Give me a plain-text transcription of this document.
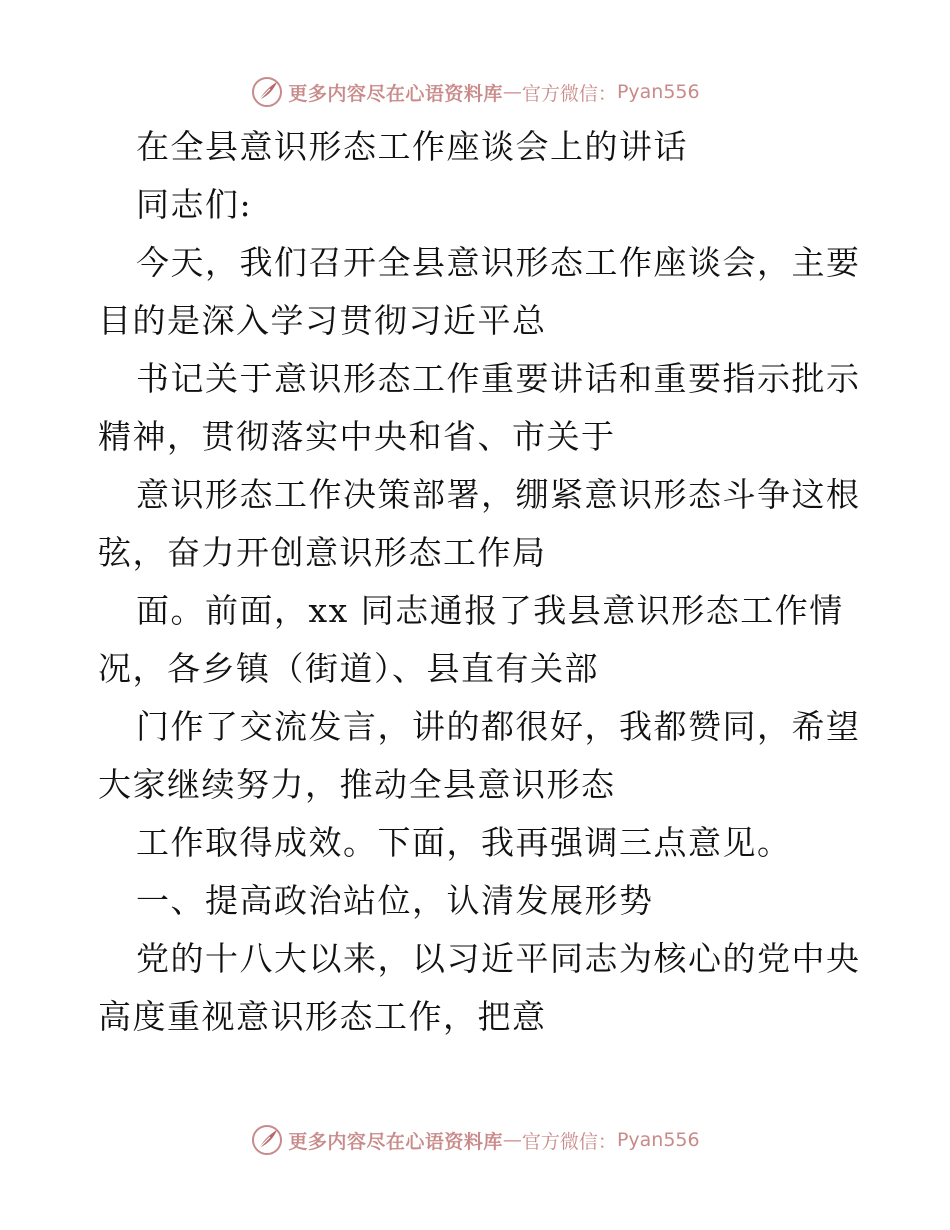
更多内容尽在心语资料库 — 官方微信： Pyan556
在全县意识形态工作座谈会上的讲话
同志们:
今天，我们召开全县意识形态工作座谈会，主要
目的是深入学习贯彻习近平总
书记关于意识形态工作重要讲话和重要指示批示
精神，贯彻落实中央和省、市关于
意识形态工作决策部署，绷紧意识形态斗争这根
弦，奋力开创意识形态工作局
面。前面，xx 同志通报了我县意识形态工作情
况，各乡镇（街道）、县直有关部
门作了交流发言，讲的都很好，我都赞同，希望
大家继续努力，推动全县意识形态
工作取得成效。下面，我再强调三点意见。
一、提高政治站位，认清发展形势
党的十八大以来，以习近平同志为核心的党中央
高度重视意识形态工作，把意
更多内容尽在心语资料库 — 官方微信： Pyan556
